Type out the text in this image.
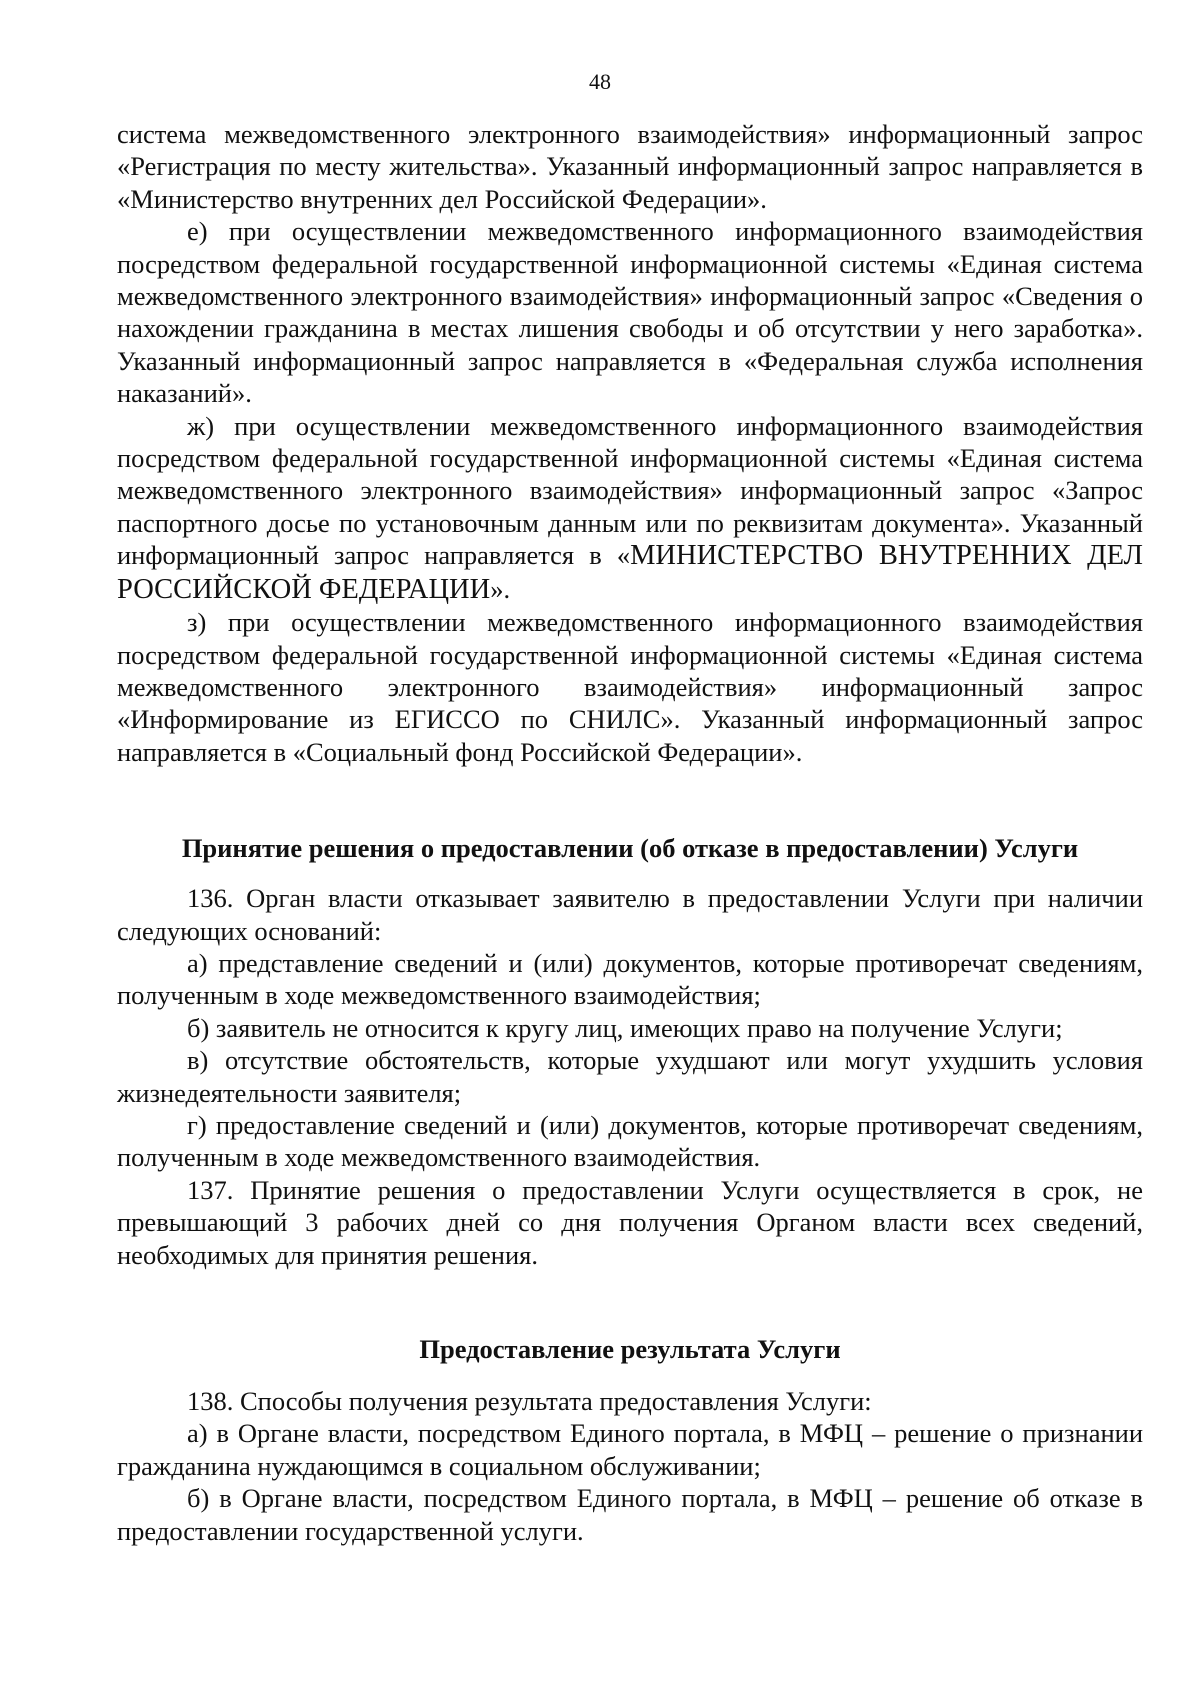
48

система межведомственного электронного взаимодействия» информационный запрос «Регистрация по месту жительства». Указанный информационный запрос направляется в «Министерство внутренних дел Российской Федерации».

е) при осуществлении межведомственного информационного взаимодействия посредством федеральной государственной информационной системы «Единая система межведомственного электронного взаимодействия» информационный запрос «Сведения о нахождении гражданина в местах лишения свободы и об отсутствии у него заработка». Указанный информационный запрос направляется в «Федеральная служба исполнения наказаний».

ж) при осуществлении межведомственного информационного взаимодействия посредством федеральной государственной информационной системы «Единая система межведомственного электронного взаимодействия» информационный запрос «Запрос паспортного досье по установочным данным или по реквизитам документа». Указанный информационный запрос направляется в «МИНИСТЕРСТВО ВНУТРЕННИХ ДЕЛ РОССИЙСКОЙ ФЕДЕРАЦИИ».

з) при осуществлении межведомственного информационного взаимодействия посредством федеральной государственной информационной системы «Единая система межведомственного электронного взаимодействия» информационный запрос «Информирование из ЕГИССО по СНИЛС». Указанный информационный запрос направляется в «Социальный фонд Российской Федерации».

Принятие решения о предоставлении (об отказе в предоставлении) Услуги

136. Орган власти отказывает заявителю в предоставлении Услуги при наличии следующих оснований:

а) представление сведений и (или) документов, которые противоречат сведениям, полученным в ходе межведомственного взаимодействия;

б) заявитель не относится к кругу лиц, имеющих право на получение Услуги;

в) отсутствие обстоятельств, которые ухудшают или могут ухудшить условия жизнедеятельности заявителя;

г) предоставление сведений и (или) документов, которые противоречат сведениям, полученным в ходе межведомственного взаимодействия.

137. Принятие решения о предоставлении Услуги осуществляется в срок, не превышающий 3 рабочих дней со дня получения Органом власти всех сведений, необходимых для принятия решения.

Предоставление результата Услуги

138. Способы получения результата предоставления Услуги:

а) в Органе власти, посредством Единого портала, в МФЦ – решение о признании гражданина нуждающимся в социальном обслуживании;

б) в Органе власти, посредством Единого портала, в МФЦ – решение об отказе в предоставлении государственной услуги.
